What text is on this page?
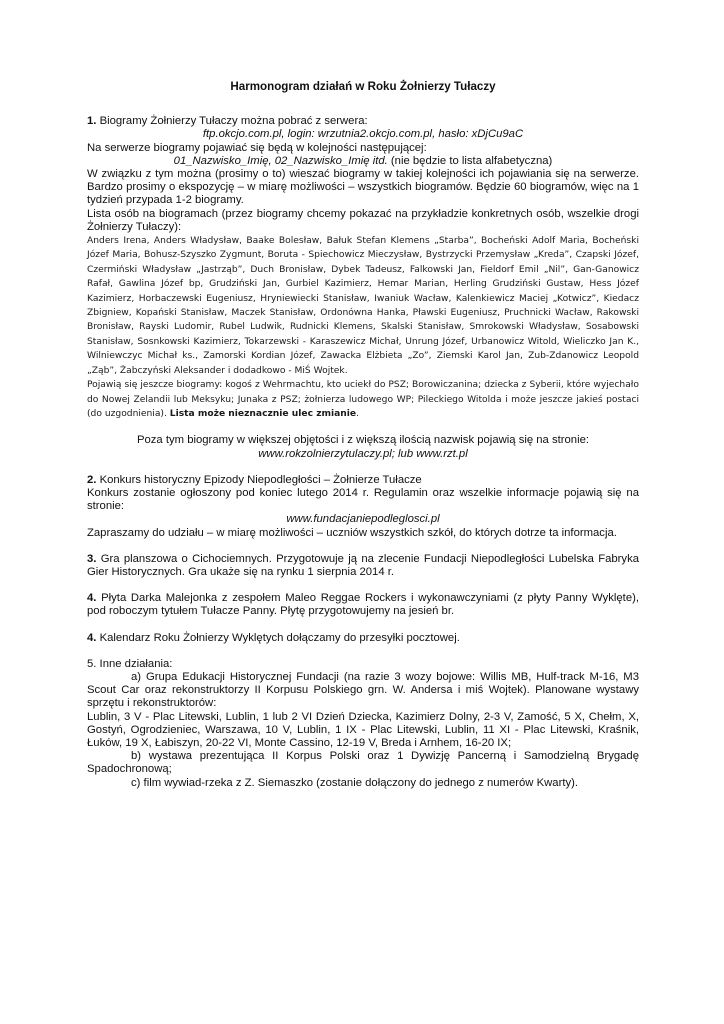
Harmonogram działań w Roku Żołnierzy Tułaczy

1. Biogramy Żołnierzy Tułaczy można pobrać z serwera:

ftp.okcjo.com.pl, login: wrzutnia2.okcjo.com.pl, hasło: xDjCu9aC

Na serwerze biogramy pojawiać się będą w kolejności następującej:

01_Nazwisko_Imię, 02_Nazwisko_Imię itd. (nie będzie to lista alfabetyczna)

W związku z tym można (prosimy o to) wieszać biogramy w takiej kolejności ich pojawiania się na serwerze. Bardzo prosimy o ekspozycję – w miarę możliwości – wszystkich biogramów. Będzie 60 biogramów, więc na 1 tydzień przypada 1-2 biogramy.

Lista osób na biogramach (przez biogramy chcemy pokazać na przykładzie konkretnych osób, wszelkie drogi Żołnierzy Tułaczy):

Anders Irena, Anders Władysław, Baake Bolesław, Bałuk Stefan Klemens „Starba”, Bocheński Adolf Maria, Bocheński Józef Maria, Bohusz-Szyszko Zygmunt, Boruta - Spiechowicz Mieczysław, Bystrzycki Przemysław „Kreda”, Czapski Józef, Czermiński Władysław „Jastrząb”, Duch Bronisław, Dybek Tadeusz, Falkowski Jan, Fieldorf Emil „Nil”, Gan-Ganowicz Rafał, Gawlina Józef bp, Grudziński Jan, Gurbiel Kazimierz, Hemar Marian, Herling Grudziński Gustaw, Hess Józef Kazimierz, Horbaczewski Eugeniusz, Hryniewiecki Stanisław, Iwaniuk Wacław, Kalenkiewicz Maciej „Kotwicz”, Kiedacz Zbigniew, Kopański Stanisław, Maczek Stanisław, Ordonówna Hanka, Pławski Eugeniusz, Pruchnicki Wacław, Rakowski Bronisław, Rayski Ludomir, Rubel Ludwik, Rudnicki Klemens, Skalski Stanisław, Smrokowski Władysław, Sosabowski Stanisław, Sosnkowski Kazimierz, Tokarzewski - Karaszewicz Michał, Unrung Józef, Urbanowicz Witold, Wieliczko Jan K., Wilniewczyc Michał ks., Zamorski Kordian Józef, Zawacka Elżbieta „Zo”, Ziemski Karol Jan, Zub-Zdanowicz Leopold „Ząb”, Żabczyński Aleksander i dodadkowo - MiŚ Wojtek.

Pojawią się jeszcze biogramy: kogoś z Wehrmachtu, kto uciekł do PSZ; Borowiczanina; dziecka z Syberii, które wyjechało do Nowej Zelandii lub Meksyku; Junaka z PSZ; żołnierza ludowego WP; Pileckiego Witolda i może jeszcze jakieś postaci (do uzgodnienia). Lista może nieznacznie ulec zmianie.

Poza tym biogramy w większej objętości i z większą ilością nazwisk pojawią się na stronie:

www.rokzolnierzytulaczy.pl; lub www.rzt.pl

2. Konkurs historyczny Epizody Niepodległości – Żołnierze Tułacze

Konkurs zostanie ogłoszony pod koniec lutego 2014 r. Regulamin oraz wszelkie informacje pojawią się na stronie:

www.fundacjaniepodleglosci.pl

Zapraszamy do udziału – w miarę możliwości – uczniów wszystkich szkół, do których dotrze ta informacja.

3. Gra planszowa o Cichociemnych. Przygotowuje ją na zlecenie Fundacji Niepodległości Lubelska Fabryka Gier Historycznych. Gra ukaże się na rynku 1 sierpnia 2014 r.

4. Płyta Darka Malejonka z zespołem Maleo Reggae Rockers i wykonawczyniami (z płyty Panny Wyklęte), pod roboczym tytułem Tułacze Panny. Płytę przygotowujemy na jesień br.

4. Kalendarz Roku Żołnierzy Wyklętych dołączamy do przesyłki pocztowej.

5. Inne działania:

a) Grupa Edukacji Historycznej Fundacji (na razie 3 wozy bojowe: Willis MB, Hulf-track M-16, M3 Scout Car oraz rekonstruktorzy II Korpusu Polskiego grn. W. Andersa i miś Wojtek). Planowane wystawy sprzętu i rekonstruktorów:

Lublin, 3 V - Plac Litewski, Lublin, 1 lub 2 VI Dzień Dziecka, Kazimierz Dolny, 2-3 V, Zamość, 5 X, Chełm, X, Gostyń, Ogrodzieniec, Warszawa, 10 V, Lublin, 1 IX - Plac Litewski, Lublin, 11 XI - Plac Litewski, Kraśnik, Łuków, 19 X, Łabiszyn, 20-22 VI, Monte Cassino, 12-19 V, Breda i Arnhem, 16-20 IX;

b) wystawa prezentująca II Korpus Polski oraz 1 Dywizję Pancerną i Samodzielną Brygadę Spadochronową;

c) film wywiad-rzeka z Z. Siemaszko (zostanie dołączony do jednego z numerów Kwarty).
